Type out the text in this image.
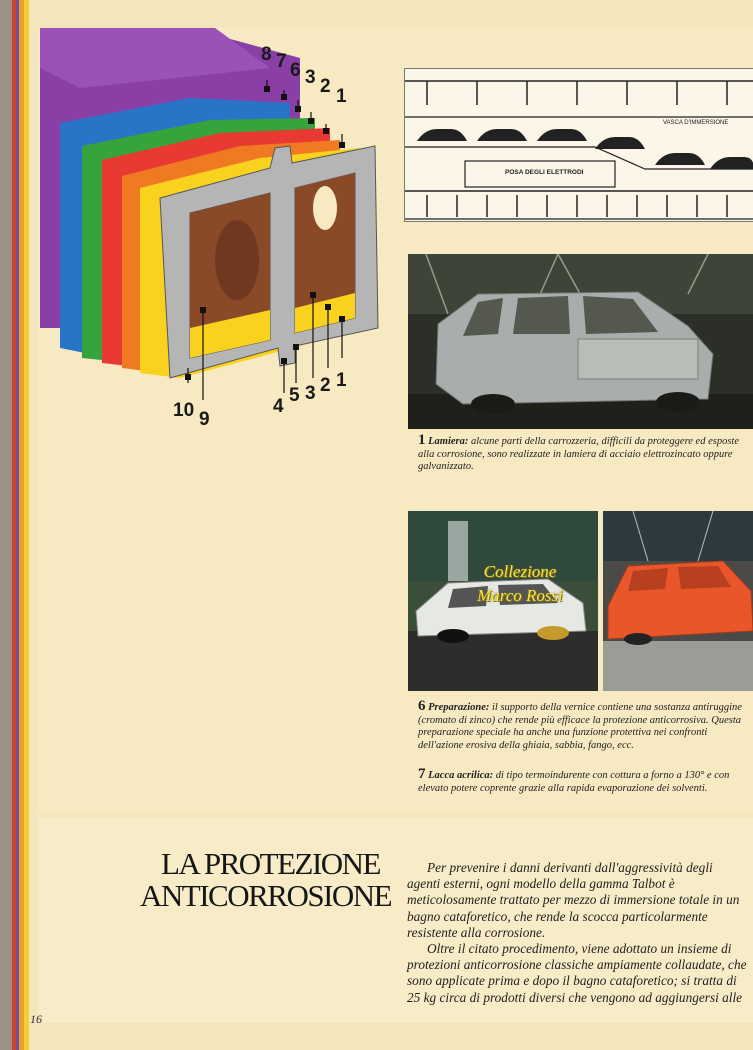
8 7 6 3 2 1
10 9
4
5 3 2 1
VASCA D'IMMERSIONE
POSA DEGLI ELETTRODI
1 Lamiera: alcune parti della carrozzeria, difficili da proteggere ed esposte alla corrosione, sono realizzate in lamiera di acciaio elettrozincato oppure galvanizzato.
Collezione
Marco Rossi
6 Preparazione: il supporto della vernice contiene una sostanza antiruggine (cromato di zinco) che rende più efficace la protezione anticorrosiva. Questa preparazione speciale ha anche una funzione protettiva nei confronti dell'azione erosiva della ghiaia, sabbia, fango, ecc.
7 Lacca acrilica: di tipo termoindurente con cottura a forno a 130° e con elevato potere coprente grazie alla rapida evaporazione dei solventi.
LA PROTEZIONE
ANTICORROSIONE

Per prevenire i danni derivanti dall'aggressività degli agenti esterni, ogni modello della gamma Talbot è meticolosamente trattato per mezzo di immersione totale in un bagno cataforetico, che rende la scocca particolarmente resistente alla corrosione.

Oltre il citato procedimento, viene adottato un insieme di protezioni anticorrosione classiche ampiamente collaudate, che sono applicate prima e dopo il bagno cataforetico; si tratta di 25 kg circa di prodotti diversi che vengono ad aggiungersi alle

16
